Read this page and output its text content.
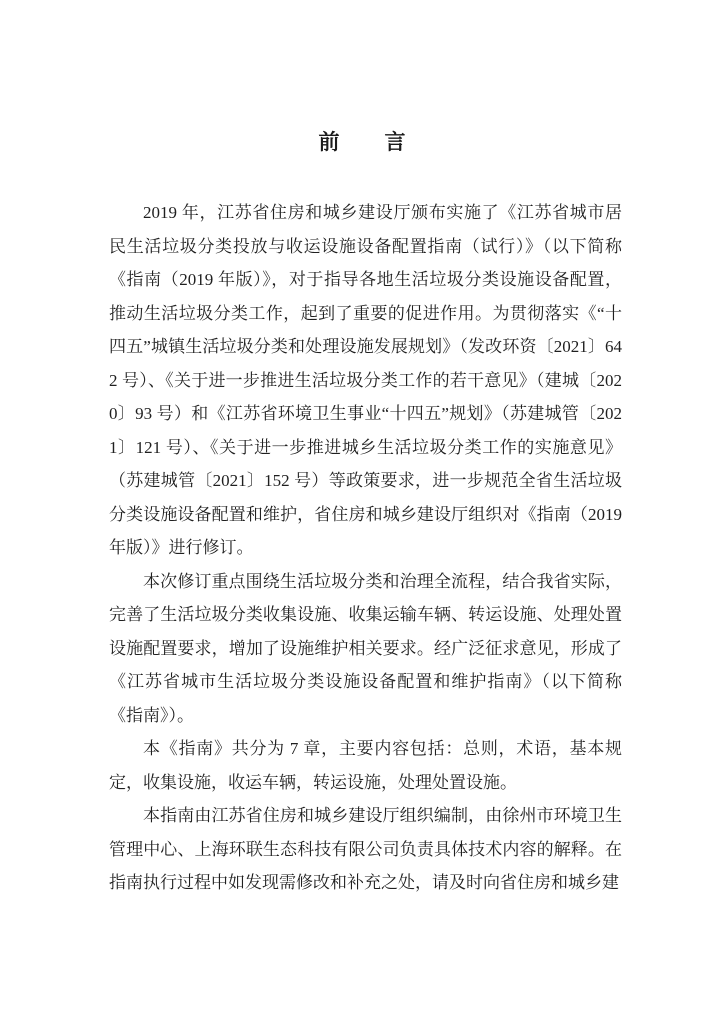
前　　言

2019 年，江苏省住房和城乡建设厅颁布实施了《江苏省城市居民生活垃圾分类投放与收运设施设备配置指南（试行）》（以下简称《指南（2019 年版）》，对于指导各地生活垃圾分类设施设备配置，推动生活垃圾分类工作，起到了重要的促进作用。为贯彻落实《“十四五”城镇生活垃圾分类和处理设施发展规划》（发改环资〔2021〕642 号）、《关于进一步推进生活垃圾分类工作的若干意见》（建城〔2020〕93 号）和《江苏省环境卫生事业“十四五”规划》（苏建城管〔2021〕121 号）、《关于进一步推进城乡生活垃圾分类工作的实施意见》（苏建城管〔2021〕152 号）等政策要求，进一步规范全省生活垃圾分类设施设备配置和维护，省住房和城乡建设厅组织对《指南（2019 年版）》进行修订。

本次修订重点围绕生活垃圾分类和治理全流程，结合我省实际，完善了生活垃圾分类收集设施、收集运输车辆、转运设施、处理处置设施配置要求，增加了设施维护相关要求。经广泛征求意见，形成了《江苏省城市生活垃圾分类设施设备配置和维护指南》（以下简称《指南》）。

本《指南》共分为 7 章，主要内容包括：总则，术语，基本规定，收集设施，收运车辆，转运设施，处理处置设施。

本指南由江苏省住房和城乡建设厅组织编制，由徐州市环境卫生管理中心、上海环联生态科技有限公司负责具体技术内容的解释。在指南执行过程中如发现需修改和补充之处，请及时向省住房和城乡建
